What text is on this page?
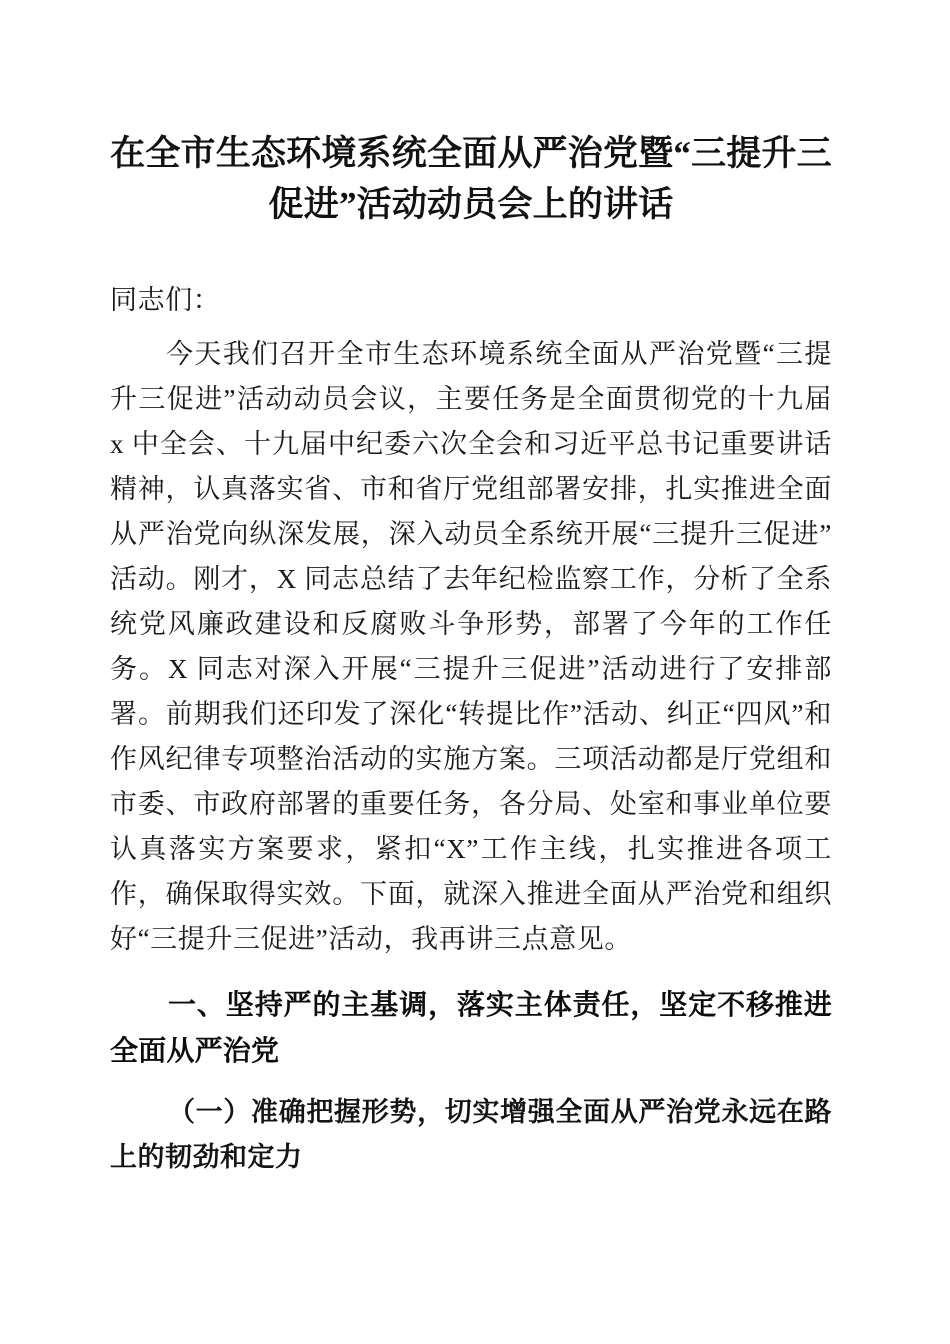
在全市生态环境系统全面从严治党暨“三提升三促进”活动动员会上的讲话

同志们：

今天我们召开全市生态环境系统全面从严治党暨“三提升三促进”活动动员会议，主要任务是全面贯彻党的十九届 x 中全会、十九届中纪委六次全会和习近平总书记重要讲话精神，认真落实省、市和省厅党组部署安排，扎实推进全面从严治党向纵深发展，深入动员全系统开展“三提升三促进”活动。刚才，X 同志总结了去年纪检监察工作，分析了全系统党风廉政建设和反腐败斗争形势，部署了今年的工作任务。X 同志对深入开展“三提升三促进”活动进行了安排部署。前期我们还印发了深化“转提比作”活动、纠正“四风”和作风纪律专项整治活动的实施方案。三项活动都是厅党组和市委、市政府部署的重要任务，各分局、处室和事业单位要认真落实方案要求，紧扣“X”工作主线，扎实推进各项工作，确保取得实效。下面，就深入推进全面从严治党和组织好“三提升三促进”活动，我再讲三点意见。

一、坚持严的主基调，落实主体责任，坚定不移推进全面从严治党

（一）准确把握形势，切实增强全面从严治党永远在路上的韧劲和定力
